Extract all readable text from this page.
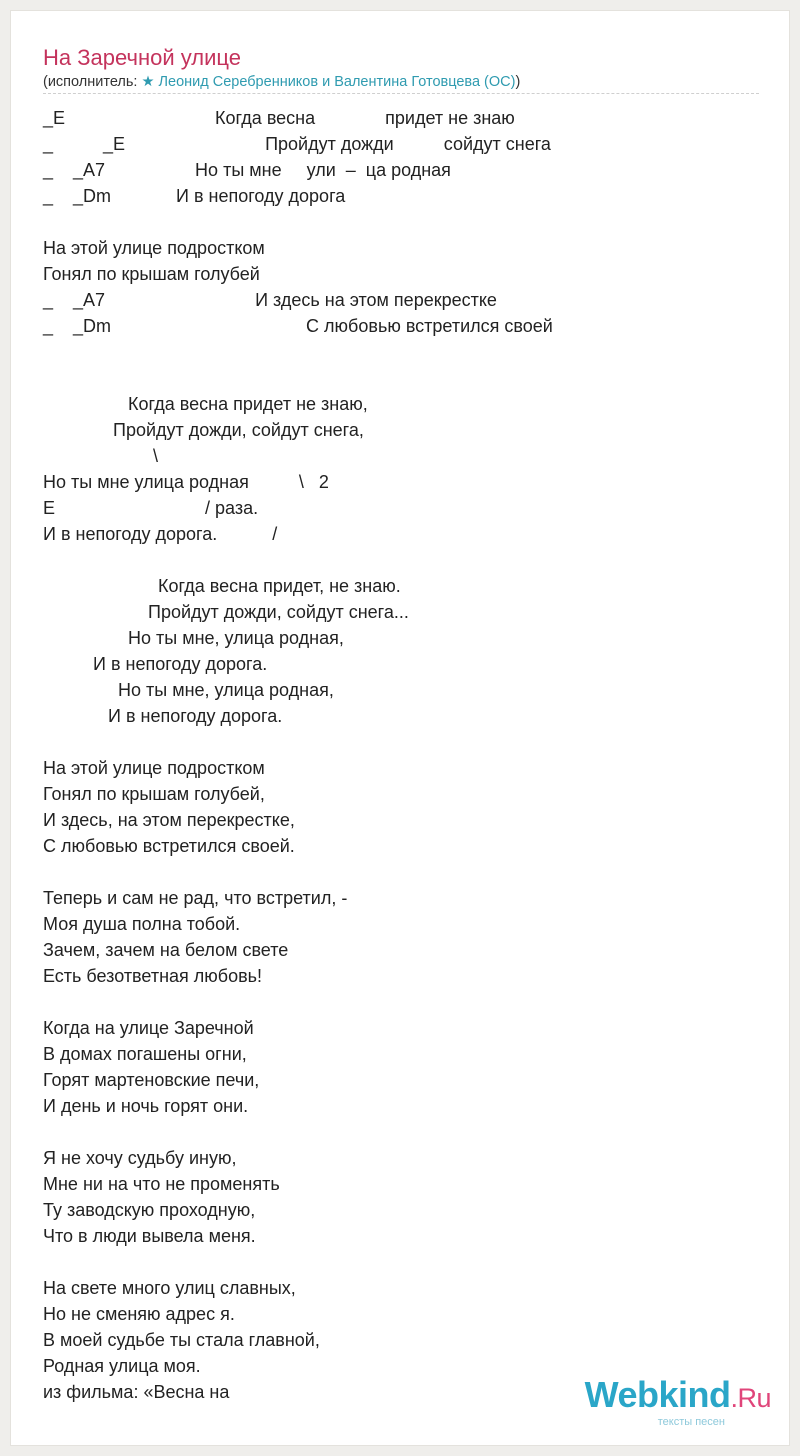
На Заречной улице
(исполнитель: ★ Леонид Серебренников и Валентина Готовцева (ОС))
_E                              Когда весна              придет не знаю
_          _E                            Пройдут дожди          сойдут снега
_    _A7                  Но ты мне     ули  –  ца родная
_    _Dm             И в непогоду дорога

На этой улице подростком
Гонял по крышам голубей
_    _A7                              И здесь на этом перекрестке
_    _Dm                                       С любовью встретился своей

Когда весна придет не знаю,
Пройдут дожди, сойдут снега,
\
Но ты мне улица родная          \   2
E                              / раза.
И в непогоду дорога.           /

Когда весна придет, не знаю.
Пройдут дожди, сойдут снега...
Но ты мне, улица родная,
И в непогоду дорога.
Но ты мне, улица родная,
И в непогоду дорога.

На этой улице подростком
Гонял по крышам голубей,
И здесь, на этом перекрестке,
С любовью встретился своей.

Теперь и сам не рад, что встретил, -
Моя душа полна тобой.
Зачем, зачем на белом свете
Есть безответная любовь!

Когда на улице Заречной
В домах погашены огни,
Горят мартеновские печи,
И день и ночь горят они.

Я не хочу судьбу иную,
Мне ни на что не променять
Ту заводскую проходную,
Что в люди вывела меня.

На свете много улиц славных,
Но не сменяю адрес я.
В моей судьбе ты стала главной,
Родная улица моя.
из фильма: «Весна на	Webkind.Ru
тексты песен
